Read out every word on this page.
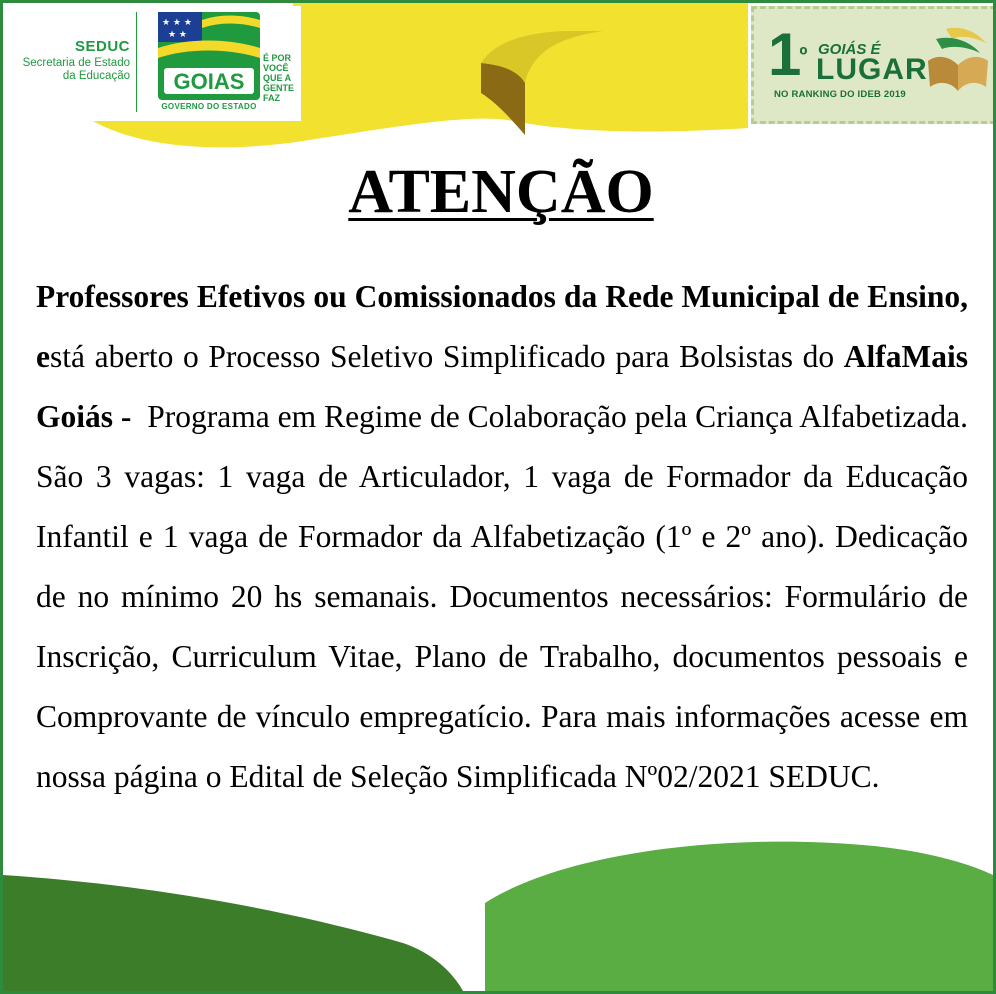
SEDUC
Secretaria de Estado
da Educação
★ ★ ★
★ ★
GOIAS
GOVERNO DO ESTADO
É POR
VOCÊ
QUE A
GENTE
FAZ
$1^º$ GOIÁS É
LUGAR
NO RANKING DO IDEB 2019
ATENÇÃO

Professores Efetivos ou Comissionados da Rede Municipal de Ensino, está aberto o Processo Seletivo Simplificado para Bolsistas do AlfaMais Goiás - Programa em Regime de Colaboração pela Criança Alfabetizada. São 3 vagas: 1 vaga de Articulador, 1 vaga de Formador da Educação Infantil e 1 vaga de Formador da Alfabetização (1º e 2º ano). Dedicação de no mínimo 20 hs semanais. Documentos necessários: Formulário de Inscrição, Curriculum Vitae, Plano de Trabalho, documentos pessoais e Comprovante de vínculo empregatício. Para mais informações acesse em nossa página o Edital de Seleção Simplificada Nº02/2021 SEDUC.
